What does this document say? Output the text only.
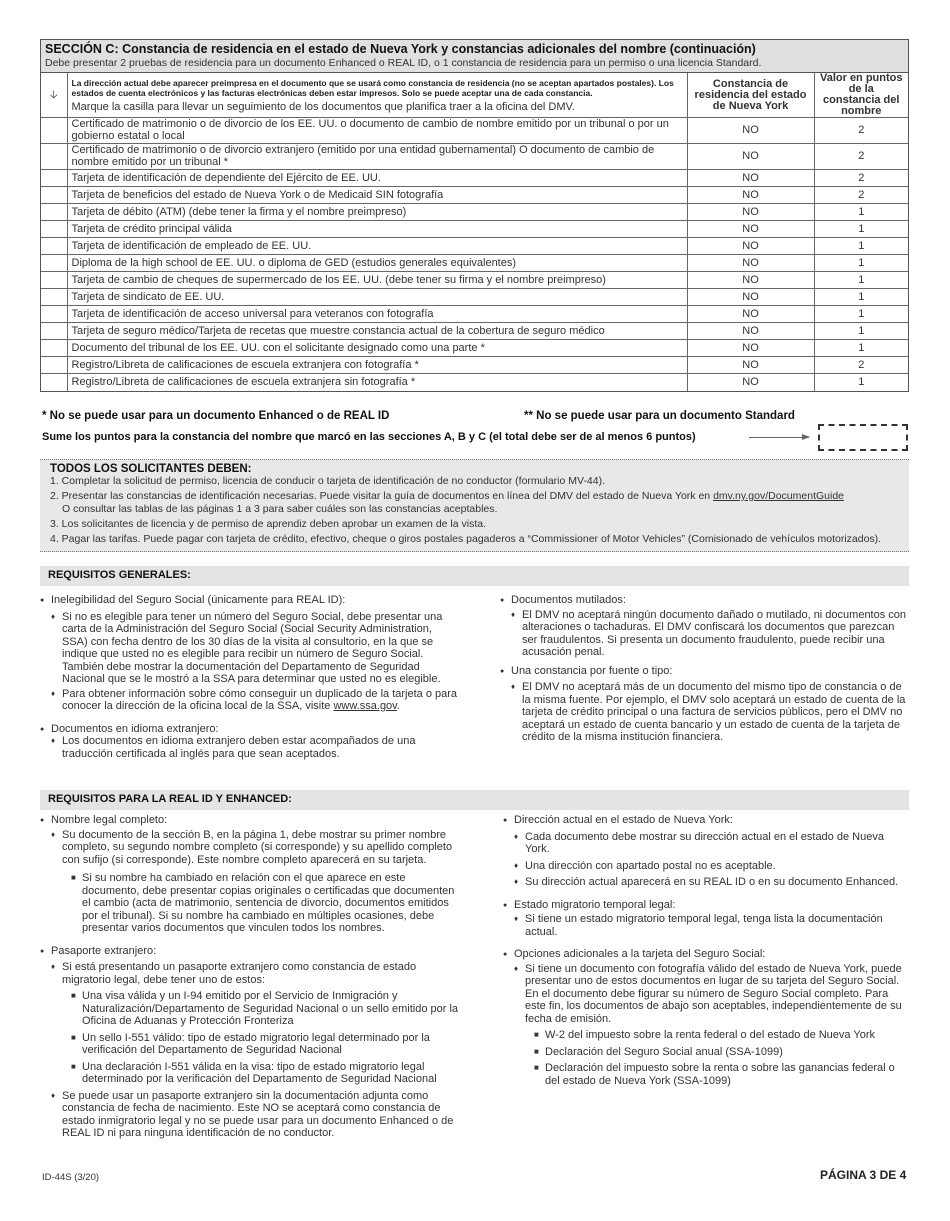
SECCIÓN C: Constancia de residencia en el estado de Nueva York y constancias adicionales del nombre (continuación)
Debe presentar 2 pruebas de residencia para un documento Enhanced o REAL ID, o 1 constancia de residencia para un permiso o una licencia Standard.
🡣	La dirección actual debe aparecer preimpresa en el documento que se usará como constancia de residencia (no se aceptan apartados postales). Los estados de cuenta electrónicos y las facturas electrónicas deben estar impresos. Solo se puede aceptar una de cada constancia.
Marque la casilla para llevar un seguimiento de los documentos que planifica traer a la oficina del DMV.	Constancia de residencia del estado de Nueva York	Valor en puntos de la constancia del nombre
	Certificado de matrimonio o de divorcio de los EE. UU. o documento de cambio de nombre emitido por un tribunal o por un gobierno estatal o local	NO	2
	Certificado de matrimonio o de divorcio extranjero (emitido por una entidad gubernamental) O documento de cambio de nombre emitido por un tribunal *	NO	2
	Tarjeta de identificación de dependiente del Ejército de EE. UU.	NO	2
	Tarjeta de beneficios del estado de Nueva York o de Medicaid SIN fotografía	NO	2
	Tarjeta de débito (ATM) (debe tener la firma y el nombre preimpreso)	NO	1
	Tarjeta de crédito principal válida	NO	1
	Tarjeta de identificación de empleado de EE. UU.	NO	1
	Diploma de la high school de EE. UU. o diploma de GED (estudios generales equivalentes)	NO	1
	Tarjeta de cambio de cheques de supermercado de los EE. UU. (debe tener su firma y el nombre preimpreso)	NO	1
	Tarjeta de sindicato de EE. UU.	NO	1
	Tarjeta de identificación de acceso universal para veteranos con fotografía	NO	1
	Tarjeta de seguro médico/Tarjeta de recetas que muestre constancia actual de la cobertura de seguro médico	NO	1
	Documento del tribunal de los EE. UU. con el solicitante designado como una parte *	NO	1
	Registro/Libreta de calificaciones de escuela extranjera con fotografía *	NO	2
	Registro/Libreta de calificaciones de escuela extranjera sin fotografía *	NO	1
* No se puede usar para un documento Enhanced o de REAL ID	** No se puede usar para un documento Standard
Sume los puntos para la constancia del nombre que marcó en las secciones A, B y C (el total debe ser de al menos 6 puntos)
TODOS LOS SOLICITANTES DEBEN:
1. Completar la solicitud de permiso, licencia de conducir o tarjeta de identificación de no conductor (formulario MV-44).
2. Presentar las constancias de identificación necesarias. Puede visitar la guía de documentos en línea del DMV del estado de Nueva York en dmv.ny.gov/DocumentGuide
O consultar las tablas de las páginas 1 a 3 para saber cuáles son las constancias aceptables.
3. Los solicitantes de licencia y de permiso de aprendiz deben aprobar un examen de la vista.
4. Pagar las tarifas. Puede pagar con tarjeta de crédito, efectivo, cheque o giros postales pagaderos a “Commissioner of Motor Vehicles” (Comisionado de vehículos motorizados).
REQUISITOS GENERALES:
● Inelegibilidad del Seguro Social (únicamente para REAL ID):
♦ Si no es elegible para tener un número del Seguro Social, debe presentar una carta de la Administración del Seguro Social (Social Security Administration, SSA) con fecha dentro de los 30 días de la visita al consultorio, en la que se indique que usted no es elegible para recibir un número de Seguro Social. También debe mostrar la documentación del Departamento de Seguridad Nacional que se le mostró a la SSA para determinar que usted no es elegible.
♦ Para obtener información sobre cómo conseguir un duplicado de la tarjeta o para conocer la dirección de la oficina local de la SSA, visite www.ssa.gov.
● Documentos en idioma extranjero:
♦ Los documentos en idioma extranjero deben estar acompañados de una traducción certificada al inglés para que sean aceptados.
● Documentos mutilados:
♦ El DMV no aceptará ningún documento dañado o mutilado, ni documentos con alteraciones o tachaduras. El DMV confiscará los documentos que parezcan ser fraudulentos. Si presenta un documento fraudulento, puede recibir una acusación penal.
● Una constancia por fuente o tipo:
♦ El DMV no aceptará más de un documento del mismo tipo de constancia o de la misma fuente. Por ejemplo, el DMV solo aceptará un estado de cuenta de la tarjeta de crédito principal o una factura de servicios públicos, pero el DMV no aceptará un estado de cuenta bancario y un estado de cuenta de la tarjeta de crédito de la misma institución financiera.
REQUISITOS PARA LA REAL ID Y ENHANCED:
● Nombre legal completo:
♦ Su documento de la sección B, en la página 1, debe mostrar su primer nombre completo, su segundo nombre completo (si corresponde) y su apellido completo con sufijo (si corresponde). Este nombre completo aparecerá en su tarjeta.
■ Si su nombre ha cambiado en relación con el que aparece en este documento, debe presentar copias originales o certificadas que documenten el cambio (acta de matrimonio, sentencia de divorcio, documentos emitidos por el tribunal). Si su nombre ha cambiado en múltiples ocasiones, debe presentar varios documentos que vinculen todos los nombres.
● Pasaporte extranjero:
♦ Si está presentando un pasaporte extranjero como constancia de estado migratorio legal, debe tener uno de estos:
■ Una visa válida y un I-94 emitido por el Servicio de Inmigración y Naturalización/Departamento de Seguridad Nacional o un sello emitido por la Oficina de Aduanas y Protección Fronteriza
■ Un sello I-551 válido: tipo de estado migratorio legal determinado por la verificación del Departamento de Seguridad Nacional
■ Una declaración I-551 válida en la visa: tipo de estado migratorio legal determinado por la verificación del Departamento de Seguridad Nacional
♦ Se puede usar un pasaporte extranjero sin la documentación adjunta como constancia de fecha de nacimiento. Este NO se aceptará como constancia de estado inmigratorio legal y no se puede usar para un documento Enhanced o de REAL ID ni para ninguna identificación de no conductor.
● Dirección actual en el estado de Nueva York:
♦ Cada documento debe mostrar su dirección actual en el estado de Nueva York.
♦ Una dirección con apartado postal no es aceptable.
♦ Su dirección actual aparecerá en su REAL ID o en su documento Enhanced.
● Estado migratorio temporal legal:
♦ Si tiene un estado migratorio temporal legal, tenga lista la documentación actual.
● Opciones adicionales a la tarjeta del Seguro Social:
♦ Si tiene un documento con fotografía válido del estado de Nueva York, puede presentar uno de estos documentos en lugar de su tarjeta del Seguro Social. En el documento debe figurar su número de Seguro Social completo. Para este fin, los documentos de abajo son aceptables, independientemente de su fecha de emisión.
■ W-2 del impuesto sobre la renta federal o del estado de Nueva York
■ Declaración del Seguro Social anual (SSA-1099)
■ Declaración del impuesto sobre la renta o sobre las ganancias federal o del estado de Nueva York (SSA-1099)
ID-44S (3/20)	PÁGINA 3 DE 4
